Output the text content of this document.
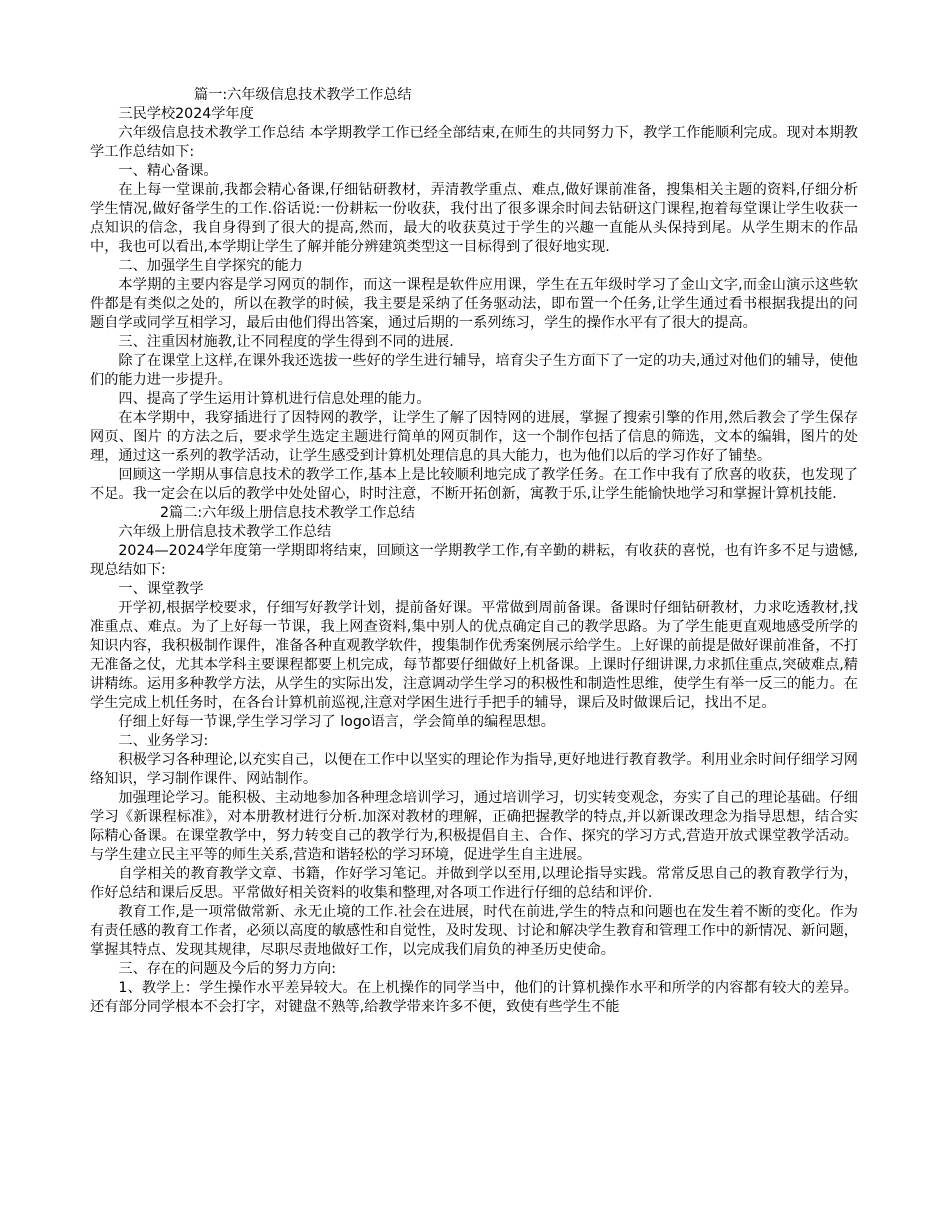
篇一:六年级信息技术教学工作总结

三民学校2024学年度

六年级信息技术教学工作总结 本学期教学工作已经全部结束,在师生的共同努力下，教学工作能顺利完成。现对本期教学工作总结如下:

一、精心备课。

在上每一堂课前,我都会精心备课,仔细钻研教材，弄清教学重点、难点,做好课前准备，搜集相关主题的资料,仔细分析学生情况,做好备学生的工作.俗话说:一份耕耘一份收获，我付出了很多课余时间去钻研这门课程,抱着每堂课让学生收获一点知识的信念，我自身得到了很大的提高,然而，最大的收获莫过于学生的兴趣一直能从头保持到尾。从学生期末的作品中，我也可以看出,本学期让学生了解并能分辨建筑类型这一目标得到了很好地实现.

二、加强学生自学探究的能力

本学期的主要内容是学习网页的制作，而这一课程是软件应用课，学生在五年级时学习了金山文字,而金山演示这些软件都是有类似之处的，所以在教学的时候，我主要是采纳了任务驱动法，即布置一个任务,让学生通过看书根据我提出的问题自学或同学互相学习，最后由他们得出答案，通过后期的一系列练习，学生的操作水平有了很大的提高。

三、注重因材施教,让不同程度的学生得到不同的进展.

除了在课堂上这样,在课外我还选拔一些好的学生进行辅导，培育尖子生方面下了一定的功夫,通过对他们的辅导，使他们的能力进一步提升。

四、提高了学生运用计算机进行信息处理的能力。

在本学期中，我穿插进行了因特网的教学，让学生了解了因特网的进展，掌握了搜索引擎的作用,然后教会了学生保存网页、图片 的方法之后，要求学生选定主题进行简单的网页制作，这一个制作包括了信息的筛选，文本的编辑，图片的处理，通过这一系列的教学活动，让学生感受到计算机处理信息的具大能力，也为他们以后的学习作好了铺垫。

回顾这一学期从事信息技术的教学工作,基本上是比较顺利地完成了教学任务。在工作中我有了欣喜的收获，也发现了不足。我一定会在以后的教学中处处留心，时时注意，不断开拓创新，寓教于乐,让学生能愉快地学习和掌握计算机技能.

2篇二:六年级上册信息技术教学工作总结

六年级上册信息技术教学工作总结

2024—2024学年度第一学期即将结束，回顾这一学期教学工作,有辛勤的耕耘，有收获的喜悦，也有许多不足与遗憾,现总结如下:

一、课堂教学

开学初,根据学校要求，仔细写好教学计划，提前备好课。平常做到周前备课。备课时仔细钻研教材，力求吃透教材,找准重点、难点。为了上好每一节课，我上网查资料,集中别人的优点确定自己的教学思路。为了学生能更直观地感受所学的知识内容，我积极制作课件，准备各种直观教学软件，搜集制作优秀案例展示给学生。上好课的前提是做好课前准备，不打无准备之仗，尤其本学科主要课程都要上机完成，每节都要仔细做好上机备课。上课时仔细讲课,力求抓住重点,突破难点,精讲精练。运用多种教学方法，从学生的实际出发，注意调动学生学习的积极性和制造性思维，使学生有举一反三的能力。在学生完成上机任务时，在各台计算机前巡视,注意对学困生进行手把手的辅导，课后及时做课后记，找出不足。

仔细上好每一节课,学生学习学习了 logo语言，学会简单的编程思想。

二、业务学习:

积极学习各种理论,以充实自己，以便在工作中以坚实的理论作为指导,更好地进行教育教学。利用业余时间仔细学习网络知识，学习制作课件、网站制作。

加强理论学习。能积极、主动地参加各种理念培训学习，通过培训学习，切实转变观念，夯实了自己的理论基础。仔细学习《新课程标准》，对本册教材进行分析.加深对教材的理解，正确把握教学的特点,并以新课改理念为指导思想，结合实际精心备课。在课堂教学中，努力转变自己的教学行为,积极提倡自主、合作、探究的学习方式,营造开放式课堂教学活动。与学生建立民主平等的师生关系,营造和谐轻松的学习环境，促进学生自主进展。

自学相关的教育教学文章、书籍，作好学习笔记。并做到学以至用,以理论指导实践。常常反思自己的教育教学行为，作好总结和课后反思。平常做好相关资料的收集和整理,对各项工作进行仔细的总结和评价.

教育工作,是一项常做常新、永无止境的工作.社会在进展，时代在前进,学生的特点和问题也在发生着不断的变化。作为有责任感的教育工作者，必须以高度的敏感性和自觉性，及时发现、讨论和解决学生教育和管理工作中的新情况、新问题，掌握其特点、发现其规律，尽职尽责地做好工作，以完成我们肩负的神圣历史使命。

三、存在的问题及今后的努力方向:

1、教学上：学生操作水平差异较大。在上机操作的同学当中，他们的计算机操作水平和所学的内容都有较大的差异。还有部分同学根本不会打字，对键盘不熟等,给教学带来许多不便，致使有些学生不能
